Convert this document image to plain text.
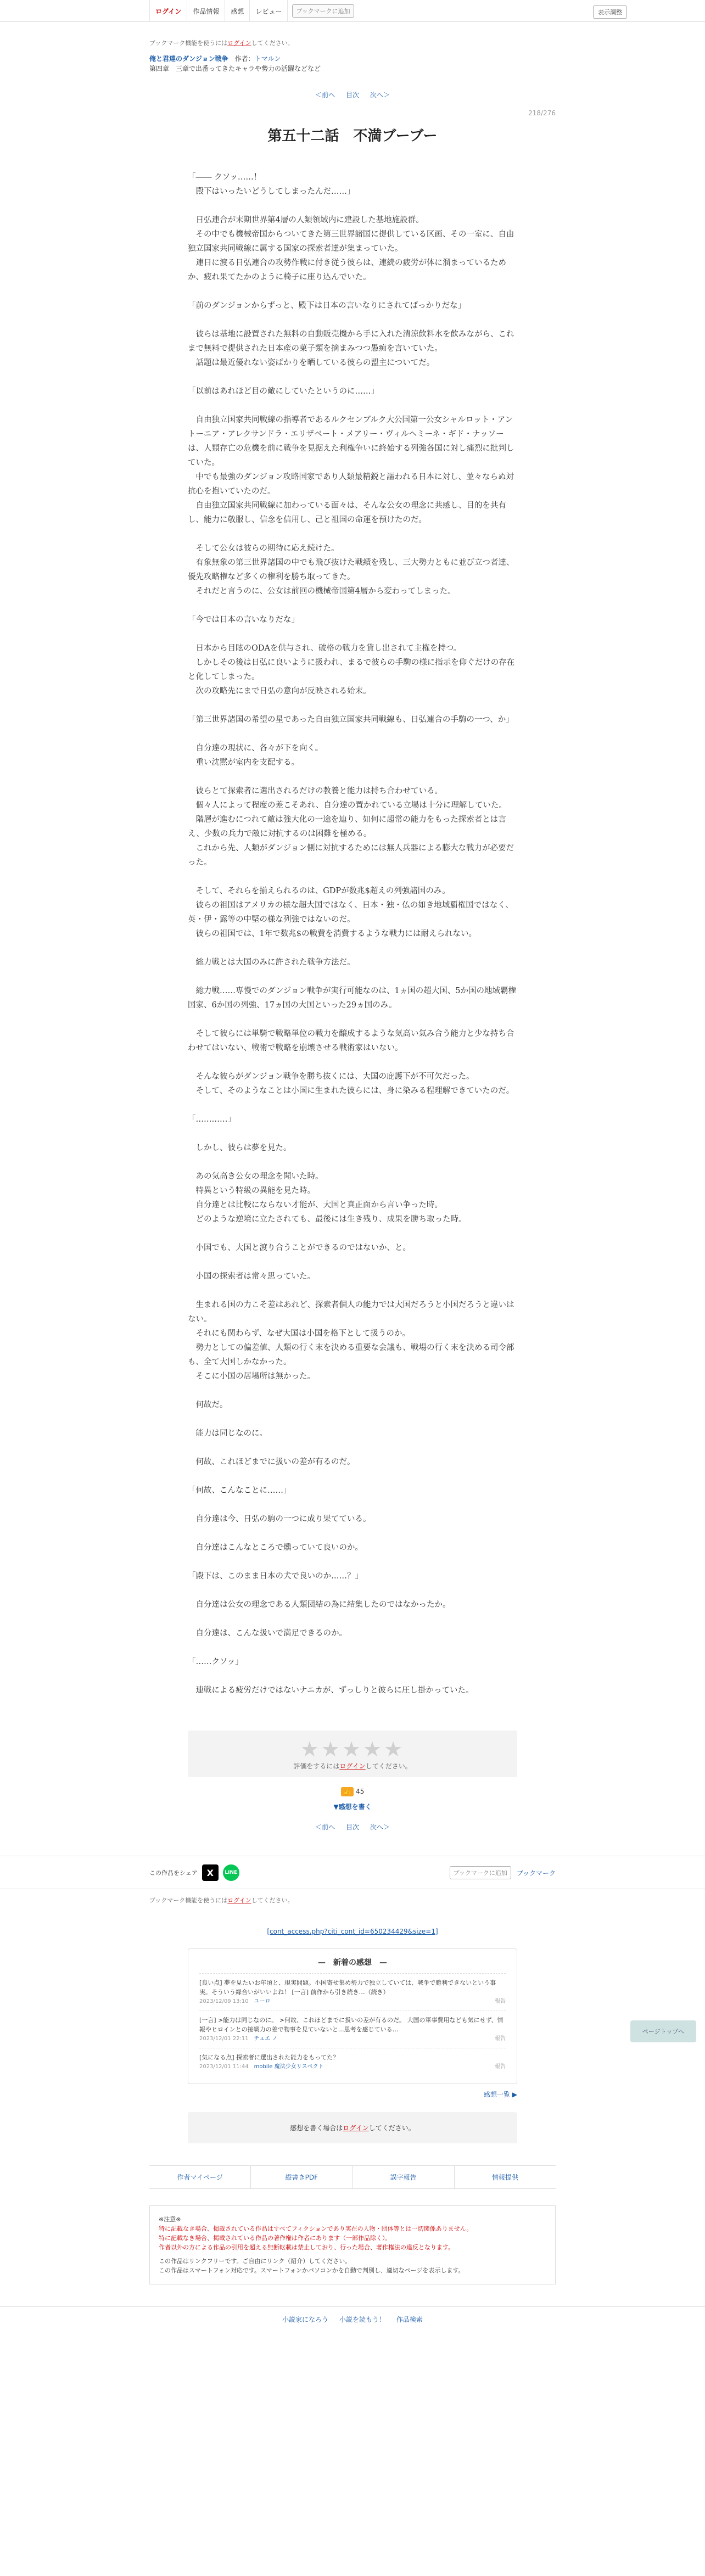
ログイン	作品情報	感想	レビュー	ブックマークに追加	表示調整
ブックマーク機能を使うにはログインしてください。
俺と君達のダンジョン戦争　 作者：トマルン
第四章　三章で出番ってきたキャラや勢力の活躍などなど
＜前へ 目次 次へ＞
218/276
第五十二話　不満ブーブー

「―― クソッ……！

　殿下はいったいどうしてしまったんだ……」

　日弘連合が末期世界第4層の人類領域内に建設した基地施設群。

　その中でも機械帝国からついてきた第三世界諸国に提供している区画、その一室に、自由独立国家共同戦線に属する国家の探索者達が集まっていた。

　連日に渡る日弘連合の攻勢作戦に付き従う彼らは、連続の疲労が体に溜まっているためか、疲れ果てたかのように椅子に座り込んでいた。

「前のダンジョンからずっと、殿下は日本の言いなりにされてばっかりだな」

　彼らは基地に設置された無料の自動販売機から手に入れた清涼飲料水を飲みながら、これまで無料で提供された日本産の菓子類を摘まみつつ愚痴を言いていた。

　話題は最近優れない姿ばかりを晒している彼らの盟主についてだ。

「以前はあれほど目の敵にしていたというのに……」

　自由独立国家共同戦線の指導者であるルクセンブルク大公国第一公女シャルロット・アントーニア・アレクサンドラ・エリザベート・メアリー・ヴィルヘミーネ・ギド・ナッソーは、人類存亡の危機を前に戦争を見据えた利権争いに終始する列強各国に対し痛烈に批判していた。

　中でも最強のダンジョン攻略国家であり人類最精鋭と謳われる日本に対し、並々ならぬ対抗心を抱いていたのだ。

　自由独立国家共同戦線に加わっている面々は、そんな公女の理念に共感し、目的を共有し、能力に敬服し、信念を信用し、己と祖国の命運を預けたのだ。

　そして公女は彼らの期待に応え続けた。

　有象無象の第三世界諸国の中でも飛び抜けた戦績を残し、三大勢力ともに並び立つ者達、優先攻略権など多くの権利を勝ち取ってきた。

　それだと言うのに、公女は前回の機械帝国第4層から変わってしまった。

「今では日本の言いなりだな」

　日本から目眩のODAを供与され、破格の戦力を貸し出されて主権を持つ。

　しかしその後は日弘に良いように扱われ、まるで彼らの手駒の様に指示を仰ぐだけの存在と化してしまった。

　次の攻略先にまで日弘の意向が反映される始末。

「第三世界諸国の希望の星であった自由独立国家共同戦線も、日弘連合の手駒の一つ、か」

　自分達の現状に、各々が下を向く。

　重い沈黙が室内を支配する。

　彼らとて探索者に選出されるだけの教養と能力は持ち合わせている。

　個々人によって程度の差こそあれ、自分達の置かれている立場は十分に理解していた。

　階層が進むにつれて敵は強大化の一途を辿り、如何に超常の能力をもった探索者とは言え、少数の兵力で敵に対抗するのは困難を極める。

　これから先、人類がダンジョン側に対抗するためには無人兵器による膨大な戦力が必要だった。

　そして、それらを揃えられるのは、GDPが数兆$超えの列強諸国のみ。

　彼らの祖国はアメリカの様な超大国ではなく、日本・独・仏の如き地域覇権国ではなく、英・伊・露等の中堅の様な列強ではないのだ。

　彼らの祖国では、1年で数兆$の戦費を消費するような戦力には耐えられない。

　総力戦とは大国のみに許された戦争方法だ。

　総力戦……専慢でのダンジョン戦争が実行可能なのは、1ヵ国の超大国、5か国の地域覇権国家、6か国の列強、17ヵ国の大国といった29ヵ国のみ。

　そして彼らには単騎で戦略単位の戦力を醸成するような気高い氣み合う能力と少な持ち合わせてはいない、戦術で戦略を崩壊させる戦術家はいない。

　そんな彼らがダンジョン戦争を勝ち抜くには、大国の庇護下が不可欠だった。

　そして、そのようなことは小国に生まれた彼らには、身に染みる程理解できていたのだ。

「…………」

　しかし、彼らは夢を見た。

　あの気高き公女の理念を聞いた時。

　特異という特級の異能を見た時。

　自分達とは比較にならない才能が、大国と真正面から言い争った時。

　どのような逆境に立たされても、最後には生き残り、成果を勝ち取った時。

　小国でも、大国と渡り合うことができるのではないか、と。

　小国の探索者は常々思っていた。

　生まれる国の力こそ差はあれど、探索者個人の能力では大国だろうと小国だろうと違いはない。

　それにも関わらず、なぜ大国は小国を格下として扱うのか。

　勢力としての偏差値、人類の行く末を決める重要な会議も、戦場の行く末を決める司令部も、全て大国しかなかった。

　そこに小国の居場所は無かった。

　何故だ。

　能力は同じなのに。

　何故、これほどまでに扱いの差が有るのだ。

「何故、こんなことに……」

　自分達は今、日弘の駒の一つに成り果てている。

　自分達はこんなところで燻っていて良いのか。

「殿下は、このまま日本の犬で良いのか……？」

　自分達は公女の理念である人類団結の為に結集したのではなかったか。

　自分達は、こんな扱いで満足できるのか。

「……クソッ」

　連戦による疲労だけではないナニカが、ずっしりと彼らに圧し掛かっていた。

★★★★★
評価をするにはログインしてください。
👍 45
▼感想を書く
＜前へ 目次 次へ＞
ページトップへ
この作品をシェア	X	LINE	ブックマークに追加	ブックマーク
ブックマーク機能を使うにはログインしてください。
[cont_access.php?citi_cont_id=650234429&size=1]
—　新着の感想　—
[良い点] 夢を見たいお年頃と、現実問題。小国寄せ集め勢力で独立していては、戦争で勝利できないという事実。そういう縁合いがいいよね！ [一言] 前作から引き続き…（続き）
2023/12/09 13:10　ユーロ	報告
[一言] >能力は同じなのに。 >何故、これほどまでに扱いの差が有るのだ。 大国の軍事費用なども気にせず、情報やヒロインとの接戦力の差で物事を見ていないと…思考を感じている…
2023/12/01 22:11　チュエ ノ	報告
[気になる点] 探索者に選出された能力をもってた？
2023/12/01 11:44　mobile 魔法少女リスペクト	報告
感想一覧 ▶
感想を書く場合はログインしてください。
作者マイページ	縦書きPDF	誤字報告	情報提供
※注意※
特に記載なき場合、掲載されている作品はすべてフィクションであり実在の人物・団体等とは一切関係ありません。
特に記載なき場合、掲載されている作品の著作権は作者にあります（一部作品除く）。
作者以外の方による作品の引用を超える無断転載は禁止しており、行った場合、著作権法の違反となります。
この作品はリンクフリーです。ご自由にリンク（紹介）してください。
この作品はスマートフォン対応です。スマートフォンかパソコンかを自動で判別し、適切なページを表示します。
小説家になろう 小説を読もう！ 作品検索
